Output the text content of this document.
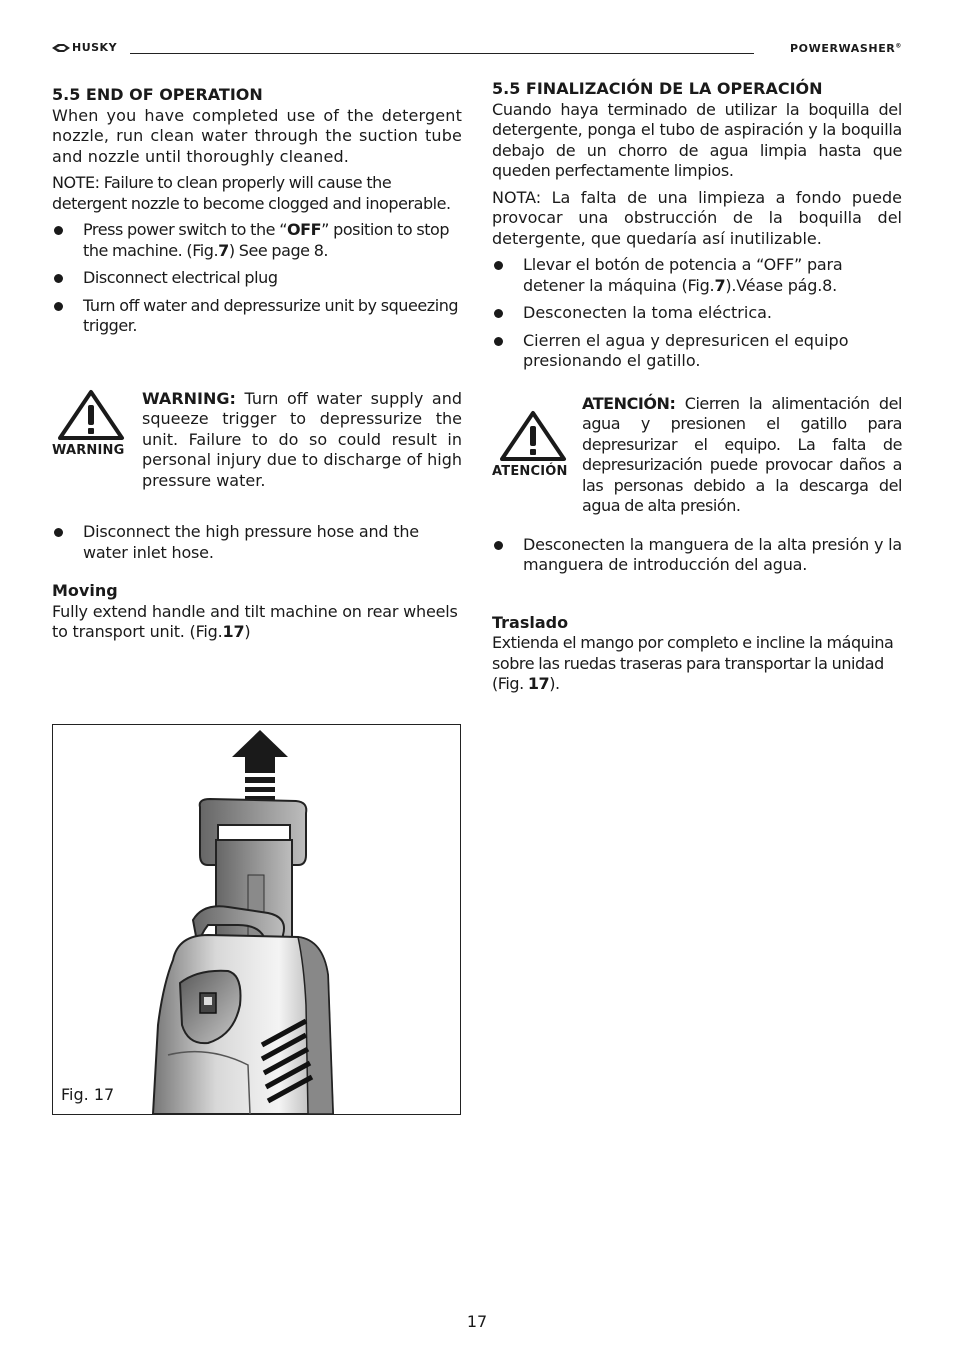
HUSKY	POWERWASHER®

5.5 END OF OPERATION

When you have completed use of the detergent nozzle, run clean water through the suction tube and nozzle until thoroughly cleaned.

NOTE: Failure to clean properly will cause the detergent nozzle to become clogged and inoperable.

Press power switch to the “OFF” position to stop the machine. (Fig.7) See page 8.
Disconnect electrical plug
Turn off water and depressurize unit by squeezing trigger.
WARNING
WARNING: Turn off water supply and squeeze trigger to depressurize the unit. Failure to do so could result in personal injury due to discharge of high pressure water.
Disconnect the high pressure hose and the water inlet hose.

Moving

Fully extend handle and tilt machine on rear wheels to transport unit. (Fig.17)

Fig. 17

5.5 FINALIZACIÓN DE LA OPERACIÓN

Cuando haya terminado de utilizar la boquilla del detergente, ponga el tubo de aspiración y la boquilla debajo de un chorro de agua limpia hasta que queden perfectamente limpios.

NOTA: La falta de una limpieza a fondo puede provocar una obstrucción de la boquilla del detergente, que quedaría así inutilizable.

Llevar el botón de potencia a “OFF” para detener la máquina (Fig.7).Véase pág.8.
Desconecten la toma eléctrica.
Cierren el agua y depresuricen el equipo presionando el gatillo.
ATENCIÓN
ATENCIÓN: Cierren la alimentación del agua y presionen el gatillo para depresurizar el equipo. La falta de depresurización puede provocar daños a las personas debido a la descarga del agua de alta presión.
Desconecten la manguera de la alta presión y la manguera de introducción del agua.

Traslado

Extienda el mango por completo e incline la máquina sobre las ruedas traseras para transportar la unidad (Fig. 17).

17
